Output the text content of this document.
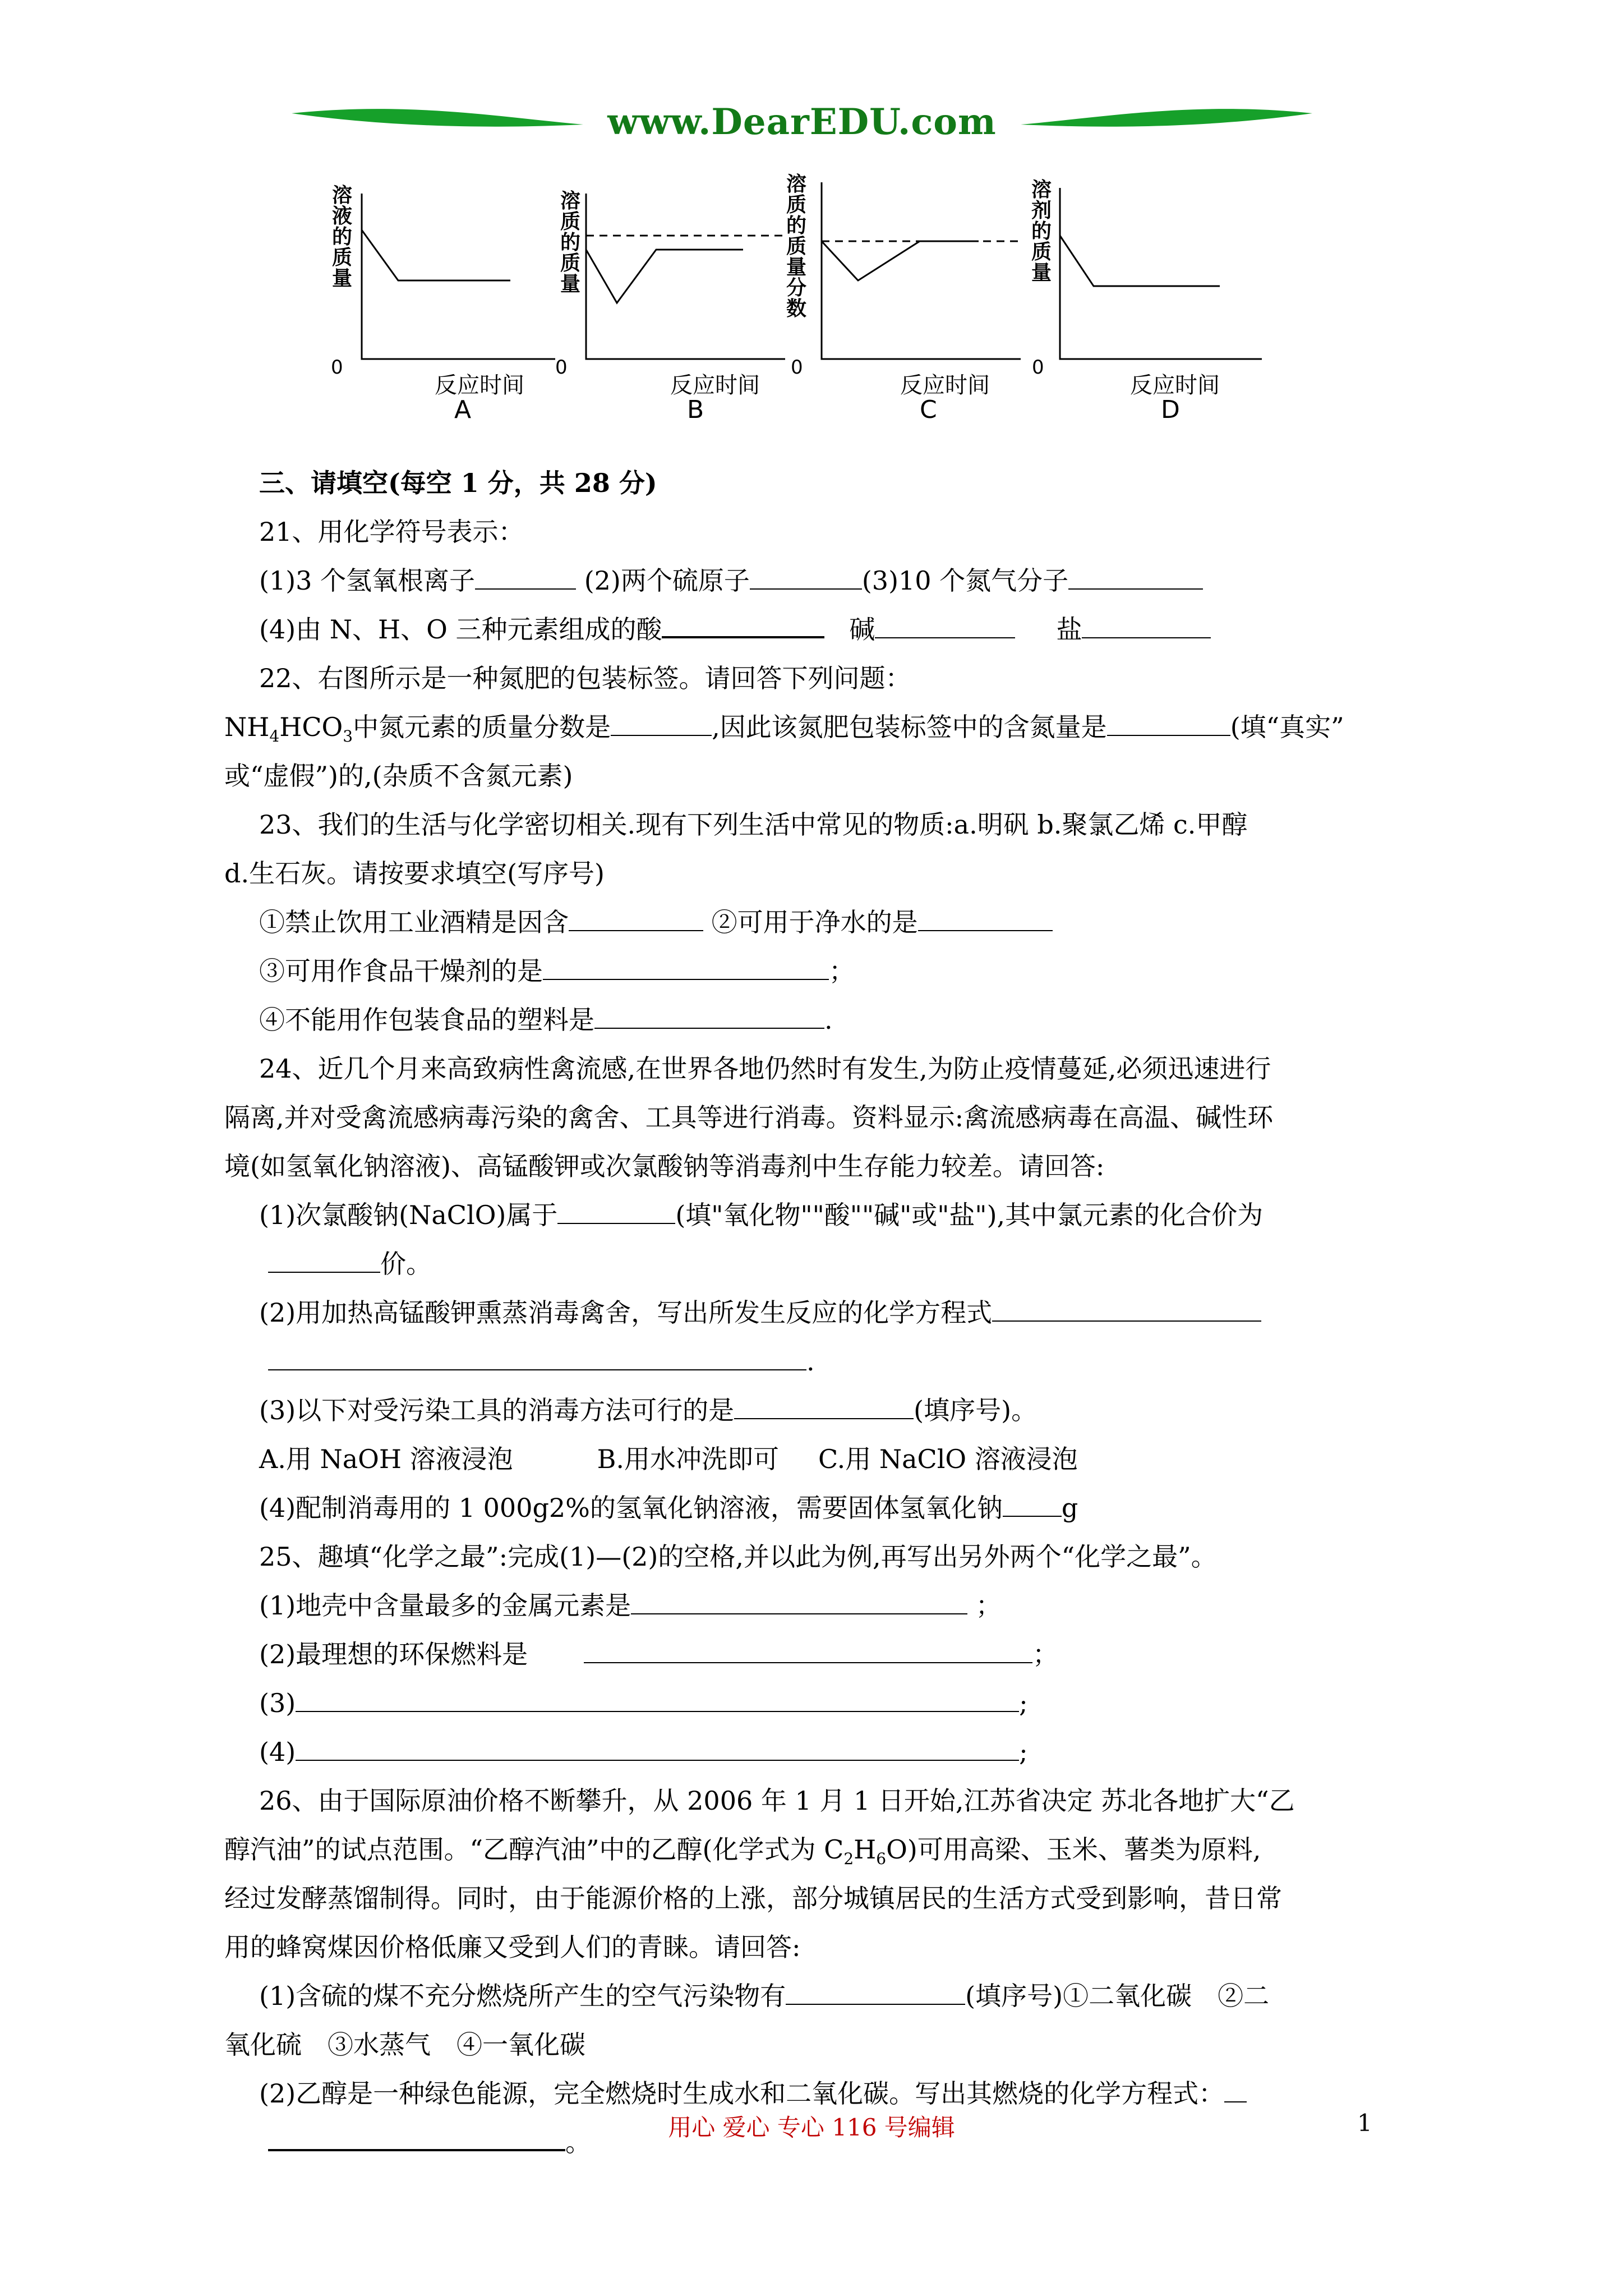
www.DearEDU.com
溶液的质量
0
反应时间
A
溶质的质量
0
反应时间
B
溶质的质量分数
0
反应时间
C
溶剂的质量
0
反应时间
D
三、请填空(每空 1 分，共 28 分)
21、用化学符号表示：
(1)3 个氢氧根离子	(2)两个硫原子	(3)10 个氮气分子
(4)由 N、H、O 三种元素组成的酸	碱	盐
22、右图所示是一种氮肥的包装标签。请回答下列问题：
$NH_4HCO_3$中氮元素的质量分数是	,因此该氮肥包装标签中的含氮量是	(填“真实”
或“虚假”)的,(杂质不含氮元素)
23、我们的生活与化学密切相关.现有下列生活中常见的物质:a.明矾 b.聚氯乙烯 c.甲醇
d.生石灰。请按要求填空(写序号)
①禁止饮用工业酒精是因含	②可用于净水的是
③可用作食品干燥剂的是	；
④不能用作包装食品的塑料是	.
24、近几个月来高致病性禽流感,在世界各地仍然时有发生,为防止疫情蔓延,必须迅速进行
隔离,并对受禽流感病毒污染的禽舍、工具等进行消毒。资料显示:禽流感病毒在高温、碱性环
境(如氢氧化钠溶液)、高锰酸钾或次氯酸钠等消毒剂中生存能力较差。请回答:
(1)次氯酸钠(NaClO)属于	(填"氧化物""酸""碱"或"盐"),其中氯元素的化合价为
价。
(2)用加热高锰酸钾熏蒸消毒禽舍，写出所发生反应的化学方程式
.
(3)以下对受污染工具的消毒方法可行的是	(填序号)。
A.用 NaOH 溶液浸泡	B.用水冲洗即可 C.用 NaClO 溶液浸泡
(4)配制消毒用的 1 000g2%的氢氧化钠溶液，需要固体氢氧化钠 g
25、趣填“化学之最”:完成(1)—(2)的空格,并以此为例,再写出另外两个“化学之最”。
(1)地壳中含量最多的金属元素是	；
(2)最理想的环保燃料是	；
(3)	;
(4)	;
26、由于国际原油价格不断攀升，从 2006 年 1 月 1 日开始,江苏省决定 苏北各地扩大“乙
醇汽油”的试点范围。“乙醇汽油”中的乙醇(化学式为 $C_2H_6O$)可用高梁、玉米、薯类为原料,
经过发酵蒸馏制得。同时，由于能源价格的上涨，部分城镇居民的生活方式受到影响，昔日常
用的蜂窝煤因价格低廉又受到人们的青睐。请回答:
(1)含硫的煤不充分燃烧所产生的空气污染物有	(填序号)①二氧化碳　②二
氧化硫　③水蒸气　④一氧化碳
(2)乙醇是一种绿色能源，完全燃烧时生成水和二氧化碳。写出其燃烧的化学方程式：
。	用心 爱心 专心 116 号编辑	1
